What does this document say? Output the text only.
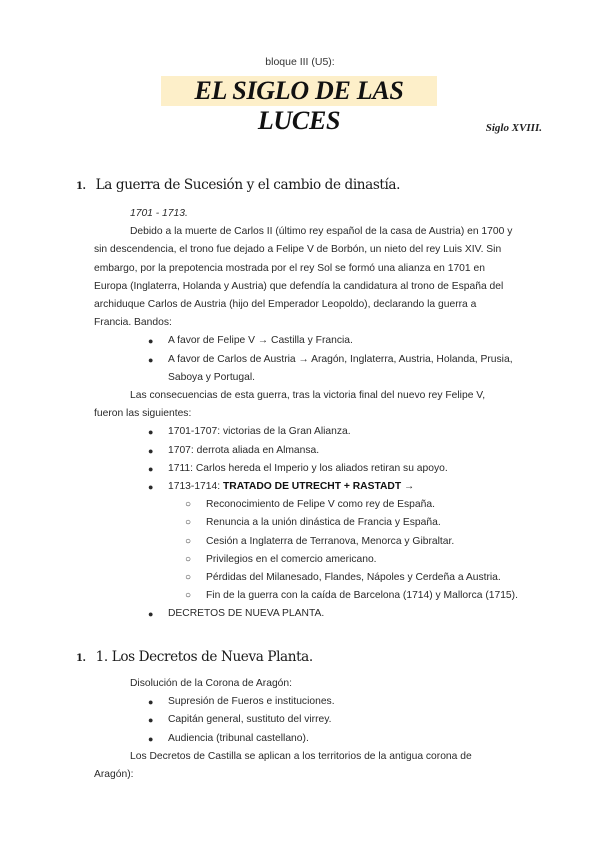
bloque III (U5):
EL SIGLO DE LAS LUCES	Siglo XVIII.
1. La guerra de Sucesión y el cambio de dinastía.
1701 - 1713.
Debido a la muerte de Carlos II (último rey español de la casa de Austria) en 1700 y
sin descendencia, el trono fue dejado a Felipe V de Borbón, un nieto del rey Luis XIV. Sin
embargo, por la prepotencia mostrada por el rey Sol se formó una alianza en 1701 en
Europa (Inglaterra, Holanda y Austria) que defendía la candidatura al trono de España del
archiduque Carlos de Austria (hijo del Emperador Leopoldo), declarando la guerra a
Francia. Bandos:
● A favor de Felipe V → Castilla y Francia.
● A favor de Carlos de Austria → Aragón, Inglaterra, Austria, Holanda, Prusia,
Saboya y Portugal.
Las consecuencias de esta guerra, tras la victoria final del nuevo rey Felipe V,
fueron las siguientes:
● 1701-1707: victorias de la Gran Alianza.
● 1707: derrota aliada en Almansa.
● 1711: Carlos hereda el Imperio y los aliados retiran su apoyo.
● 1713-1714: TRATADO DE UTRECHT + RASTADT →
○ Reconocimiento de Felipe V como rey de España.
○ Renuncia a la unión dinástica de Francia y España.
○ Cesión a Inglaterra de Terranova, Menorca y Gibraltar.
○ Privilegios en el comercio americano.
○ Pérdidas del Milanesado, Flandes, Nápoles y Cerdeña a Austria.
○ Fin de la guerra con la caída de Barcelona (1714) y Mallorca (1715).
● DECRETOS DE NUEVA PLANTA.
1. 1. Los Decretos de Nueva Planta.
Disolución de la Corona de Aragón:
● Supresión de Fueros e instituciones.
● Capitán general, sustituto del virrey.
● Audiencia (tribunal castellano).
Los Decretos de Castilla se aplican a los territorios de la antigua corona de
Aragón):
